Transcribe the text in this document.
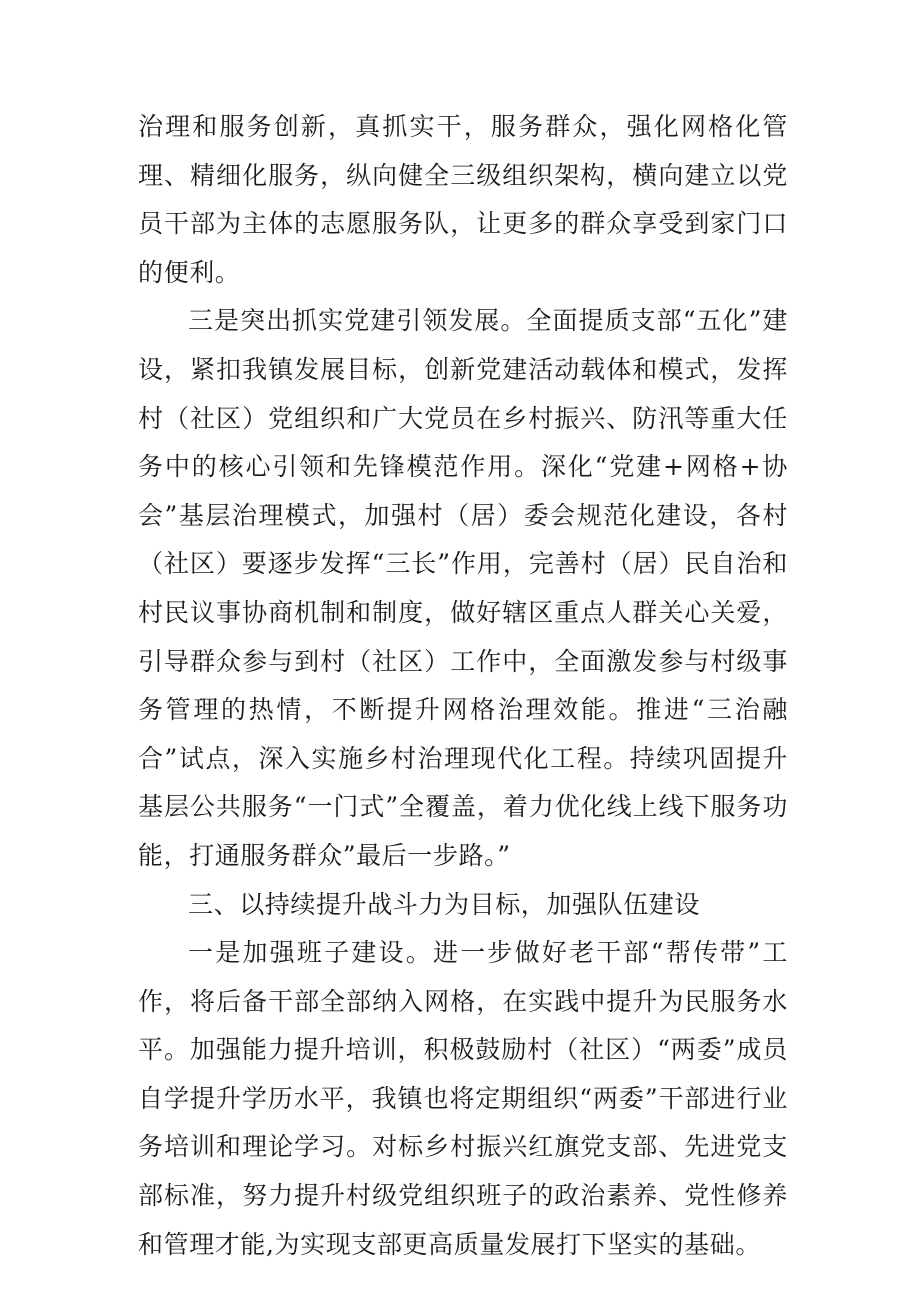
治理和服务创新，真抓实干，服务群众，强化网格化管理、精细化服务，纵向健全三级组织架构，横向建立以党员干部为主体的志愿服务队，让更多的群众享受到家门口的便利。

三是突出抓实党建引领发展。全面提质支部“五化”建设，紧扣我镇发展目标，创新党建活动载体和模式，发挥村（社区）党组织和广大党员在乡村振兴、防汛等重大任务中的核心引领和先锋模范作用。深化“党建+网格+协会”基层治理模式，加强村（居）委会规范化建设，各村（社区）要逐步发挥“三长”作用，完善村（居）民自治和村民议事协商机制和制度，做好辖区重点人群关心关爱，引导群众参与到村（社区）工作中，全面激发参与村级事务管理的热情，不断提升网格治理效能。推进“三治融合”试点，深入实施乡村治理现代化工程。持续巩固提升基层公共服务“一门式”全覆盖，着力优化线上线下服务功能，打通服务群众”最后一步路。”

三、以持续提升战斗力为目标，加强队伍建设

一是加强班子建设。进一步做好老干部“帮传带”工作，将后备干部全部纳入网格，在实践中提升为民服务水平。加强能力提升培训，积极鼓励村（社区）“两委”成员自学提升学历水平，我镇也将定期组织“两委”干部进行业务培训和理论学习。对标乡村振兴红旗党支部、先进党支部标准，努力提升村级党组织班子的政治素养、党性修养和管理才能,为实现支部更高质量发展打下坚实的基础。
